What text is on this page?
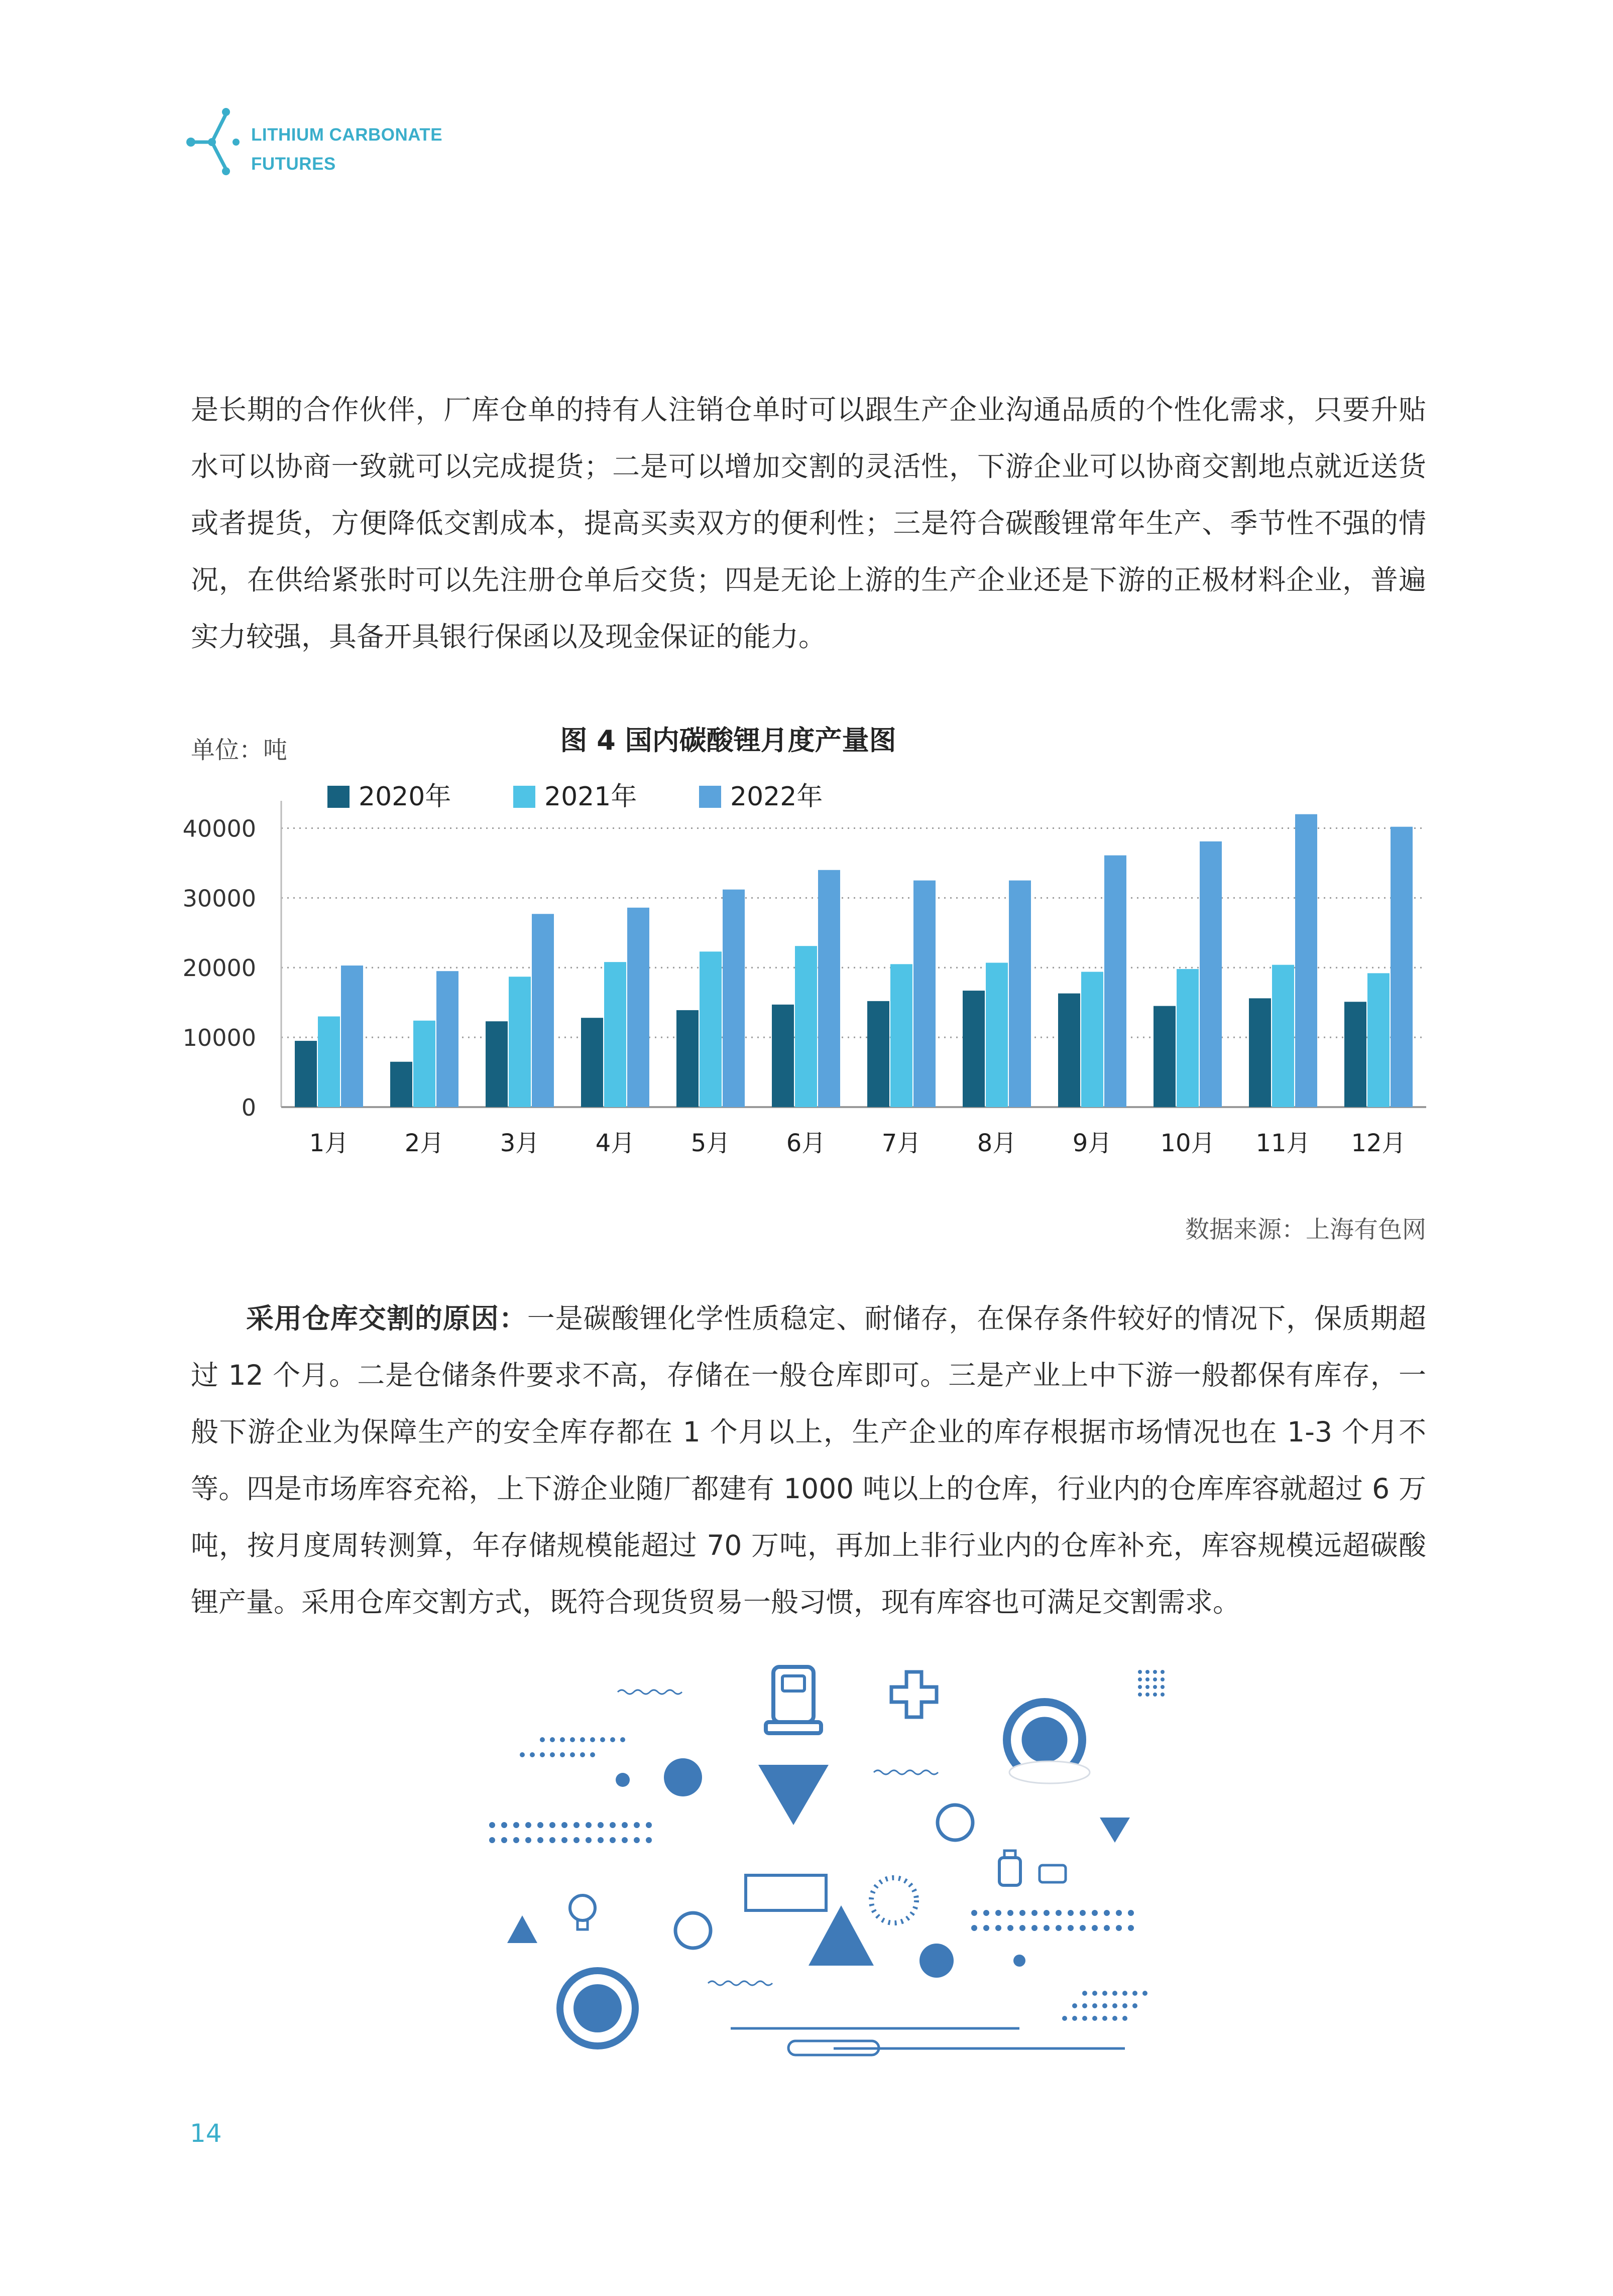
LITHIUM CARBONATE
FUTURES

是长期的合作伙伴，厂库仓单的持有人注销仓单时可以跟生产企业沟通品质的个性化需求，只要升贴水可以协商一致就可以完成提货；二是可以增加交割的灵活性，下游企业可以协商交割地点就近送货或者提货，方便降低交割成本，提高买卖双方的便利性；三是符合碳酸锂常年生产、季节性不强的情况，在供给紧张时可以先注册仓单后交货；四是无论上游的生产企业还是下游的正极材料企业，普遍实力较强，具备开具银行保函以及现金保证的能力。

图 4 国内碳酸锂月度产量图
单位：吨
2020年	2021年	2022年
0
10000
20000
30000
40000
1月 2月 3月 4月 5月 6月 7月 8月 9月 10月 11月 12月
数据来源：上海有色网

采用仓库交割的原因：一是碳酸锂化学性质稳定、耐储存，在保存条件较好的情况下，保质期超过 12 个月。二是仓储条件要求不高，存储在一般仓库即可。三是产业上中下游一般都保有库存，一般下游企业为保障生产的安全库存都在 1 个月以上，生产企业的库存根据市场情况也在 1-3 个月不等。四是市场库容充裕，上下游企业随厂都建有 1000 吨以上的仓库，行业内的仓库库容就超过 6 万吨，按月度周转测算，年存储规模能超过 70 万吨，再加上非行业内的仓库补充，库容规模远超碳酸锂产量。采用仓库交割方式，既符合现货贸易一般习惯，现有库容也可满足交割需求。

14
